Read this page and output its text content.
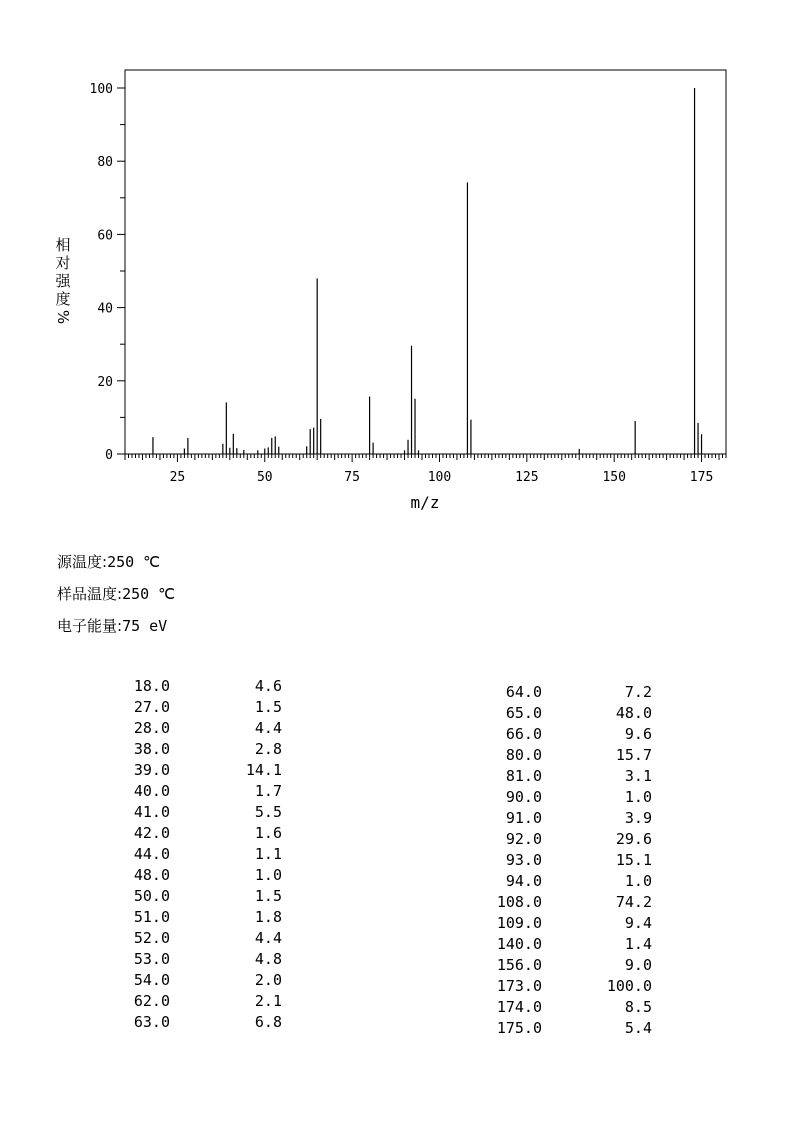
0
20
40
60
80
100
25	50	75	100	125	150	175
m/z
相 对 强 度 %
源温度:250 ℃
样品温度:250 ℃
电子能量:75 eV
18.0	4.6
27.0	1.5
28.0	4.4
38.0	2.8
39.0	14.1
40.0	1.7
41.0	5.5
42.0	1.6
44.0	1.1
48.0	1.0
50.0	1.5
51.0	1.8
52.0	4.4
53.0	4.8
54.0	2.0
62.0	2.1
63.0	6.8
64.0	7.2
65.0	48.0
66.0	9.6
80.0	15.7
81.0	3.1
90.0	1.0
91.0	3.9
92.0	29.6
93.0	15.1
94.0	1.0
108.0	74.2
109.0	9.4
140.0	1.4
156.0	9.0
173.0	100.0
174.0	8.5
175.0	5.4
